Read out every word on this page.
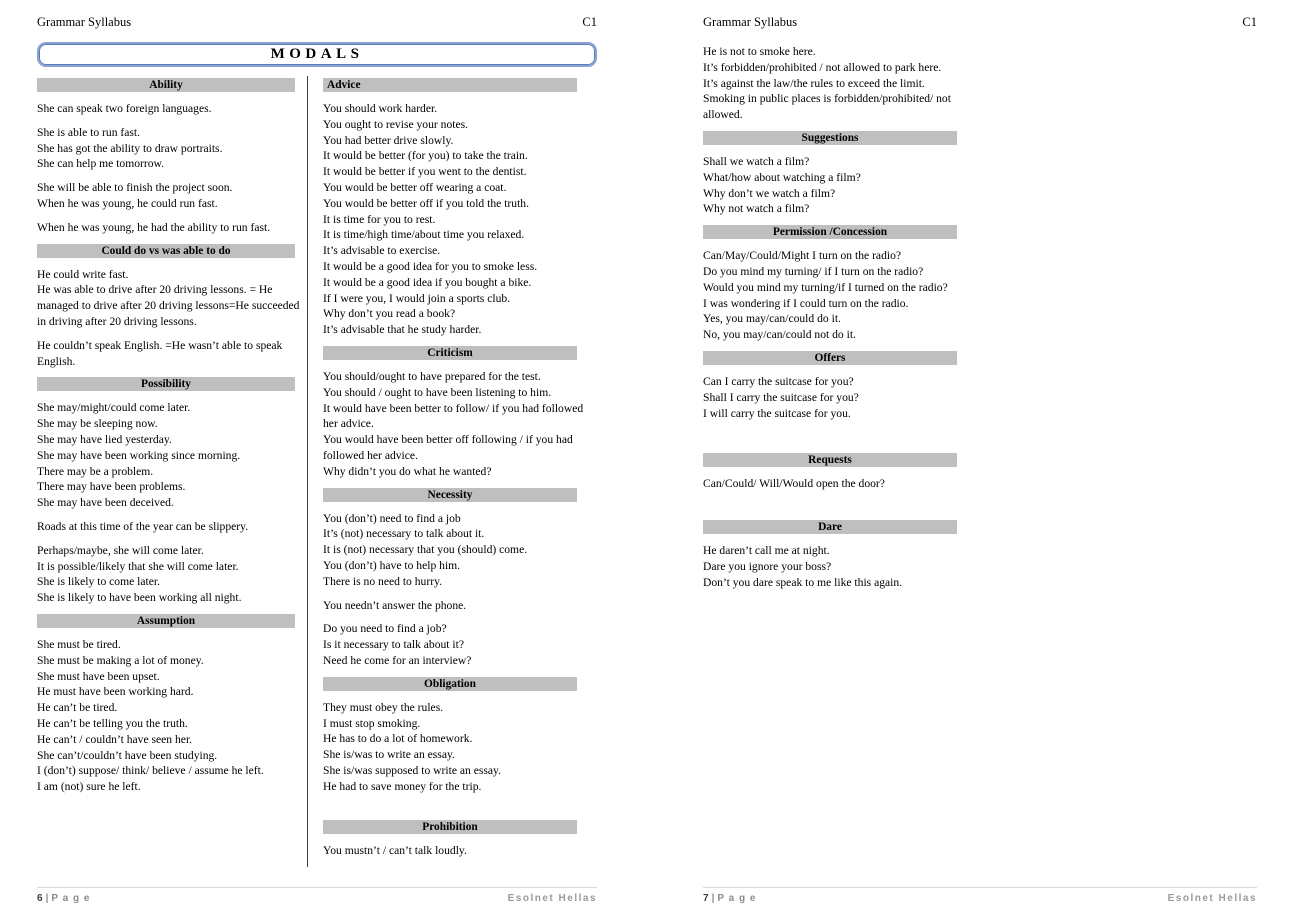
Grammar Syllabus	C1
MODALS
Ability
She can speak two foreign languages.
She is able to run fast.
She has got the ability to draw portraits.
She can help me tomorrow.
She will be able to finish the project soon.
When he was young, he could run fast.
When he was young, he had the ability to run fast.
Could do vs was able to do
He could write fast.
He was able to drive after 20 driving lessons. = He managed to drive after 20 driving lessons=He succeeded in driving after 20 driving lessons.
He couldn’t speak English. =He wasn’t able to speak English.
Possibility
She may/might/could come later.
She may be sleeping now.
She may have lied yesterday.
She may have been working since morning.
There may be a problem.
There may have been problems.
She may have been deceived.
Roads at this time of the year can be slippery.
Perhaps/maybe, she will come later.
It is possible/likely that she will come later.
She is likely to come later.
She is likely to have been working all night.
Assumption
She must be tired.
She must be making a lot of money.
She must have been upset.
He must have been working hard.
He can’t be tired.
He can’t be telling you the truth.
He can’t / couldn’t have seen her.
She can’t/couldn’t have been studying.
I (don’t) suppose/ think/ believe / assume he left.
I am (not) sure he left.
Advice
You should work harder.
You ought to revise your notes.
You had better drive slowly.
It would be better (for you) to take the train.
It would be better if you went to the dentist.
You would be better off wearing a coat.
You would be better off if you told the truth.
It is time for you to rest.
It is time/high time/about time you relaxed.
It’s advisable to exercise.
It would be a good idea for you to smoke less.
It would be a good idea if you bought a bike.
If I were you, I would join a sports club.
Why don’t you read a book?
It’s advisable that he study harder.
Criticism
You should/ought to have prepared for the test.
You should / ought to have been listening to him.
It would have been better to follow/ if you had followed her advice.
You would have been better off following / if you had followed her advice.
Why didn’t you do what he wanted?
Necessity
You (don’t) need to find a job
It’s (not) necessary to talk about it.
It is (not) necessary that you (should) come.
You (don’t) have to help him.
There is no need to hurry.
You needn’t answer the phone.
Do you need to find a job?
Is it necessary to talk about it?
Need he come for an interview?
Obligation
They must obey the rules.
I must stop smoking.
He has to do a lot of homework.
She is/was to write an essay.
She is/was supposed to write an essay.
He had to save money for the trip.
Prohibition
You mustn’t / can’t talk loudly.
6 | P a g e	Esolnet Hellas
Grammar Syllabus	C1
He is not to smoke here.
It’s forbidden/prohibited / not allowed to park here.
It’s against the law/the rules to exceed the limit.
Smoking in public places is forbidden/prohibited/ not allowed.
Suggestions
Shall we watch a film?
What/how about watching a film?
Why don’t we watch a film?
Why not watch a film?
Permission /Concession
Can/May/Could/Might I turn on the radio?
Do you mind my turning/ if I turn on the radio?
Would you mind my turning/if I turned on the radio?
I was wondering if I could turn on the radio.
Yes, you may/can/could do it.
No, you may/can/could not do it.
Offers
Can I carry the suitcase for you?
Shall I carry the suitcase for you?
I will carry the suitcase for you.
Requests
Can/Could/ Will/Would open the door?
Dare
He daren’t call me at night.
Dare you ignore your boss?
Don’t you dare speak to me like this again.
7 | P a g e	Esolnet Hellas
